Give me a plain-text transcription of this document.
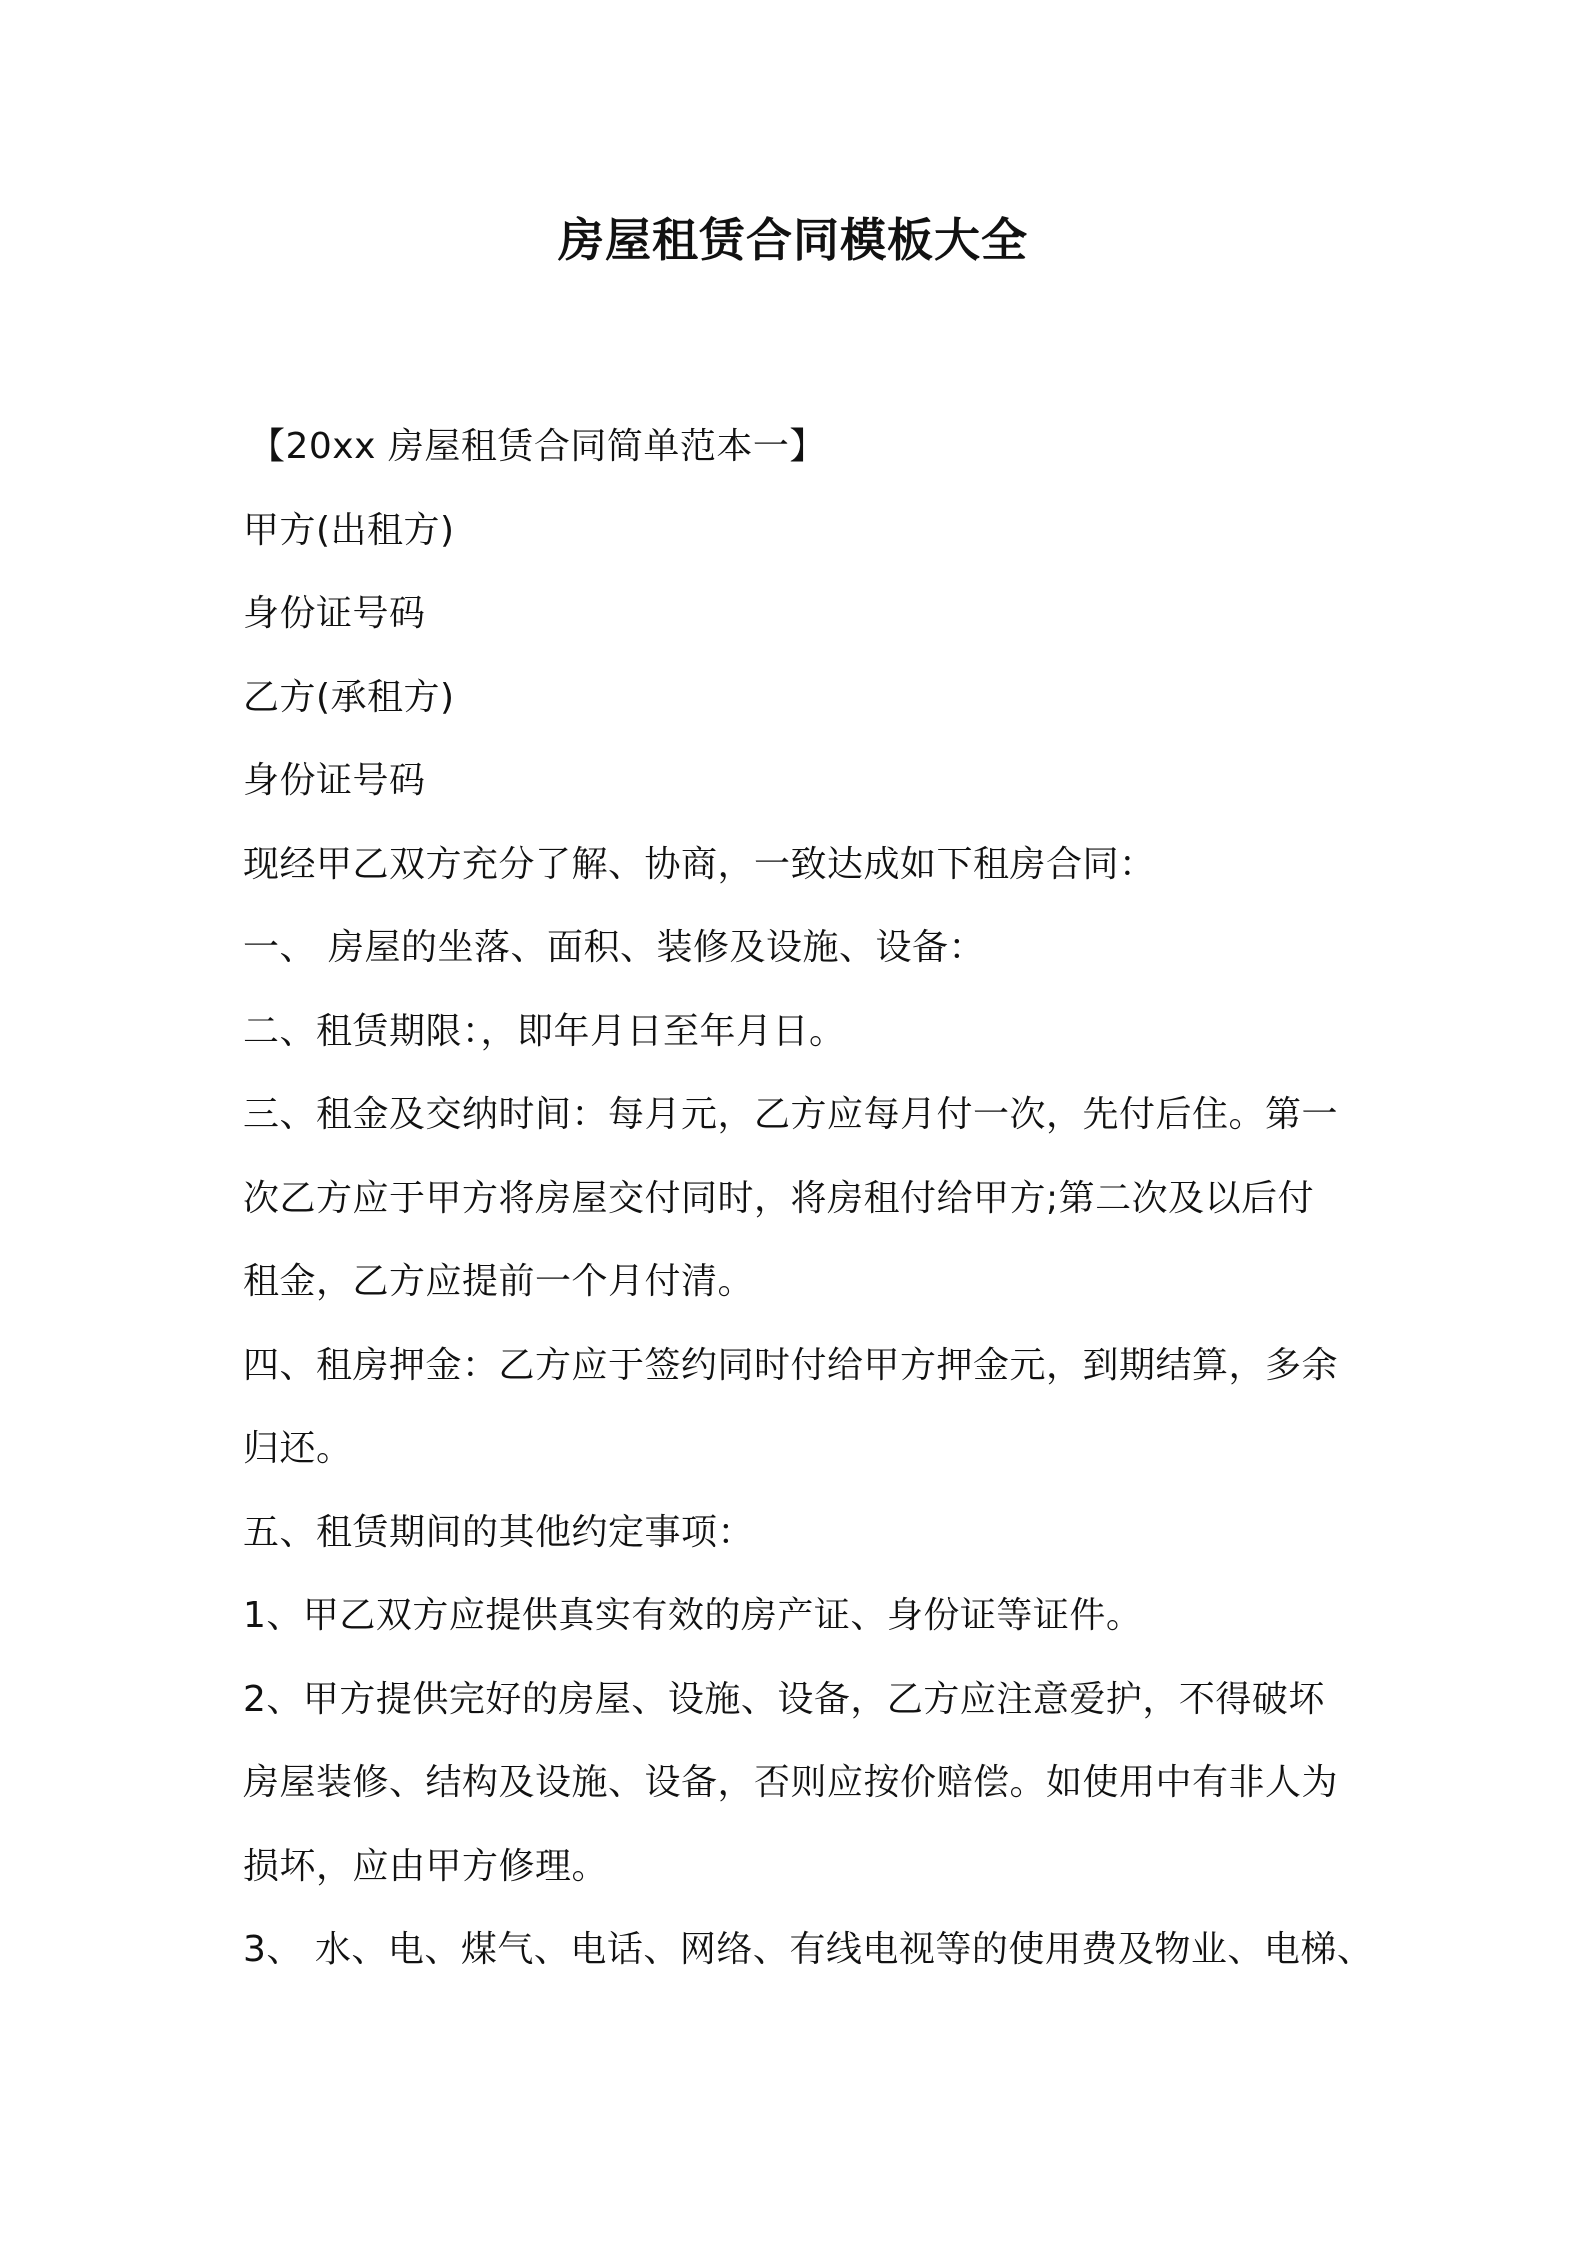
房屋租赁合同模板大全
【20xx 房屋租赁合同简单范本一】
甲方(出租方)
身份证号码
乙方(承租方)
身份证号码
现经甲乙双方充分了解、协商，一致达成如下租房合同：
一、 房屋的坐落、面积、装修及设施、设备：
二、租赁期限：，即年月日至年月日。
三、租金及交纳时间：每月元，乙方应每月付一次，先付后住。第一
次乙方应于甲方将房屋交付同时，将房租付给甲方;第二次及以后付
租金，乙方应提前一个月付清。
四、租房押金：乙方应于签约同时付给甲方押金元，到期结算，多余
归还。
五、租赁期间的其他约定事项：
1、甲乙双方应提供真实有效的房产证、身份证等证件。
2、甲方提供完好的房屋、设施、设备，乙方应注意爱护，不得破坏
房屋装修、结构及设施、设备，否则应按价赔偿。如使用中有非人为
损坏，应由甲方修理。
3、 水、电、煤气、电话、网络、有线电视等的使用费及物业、电梯、
